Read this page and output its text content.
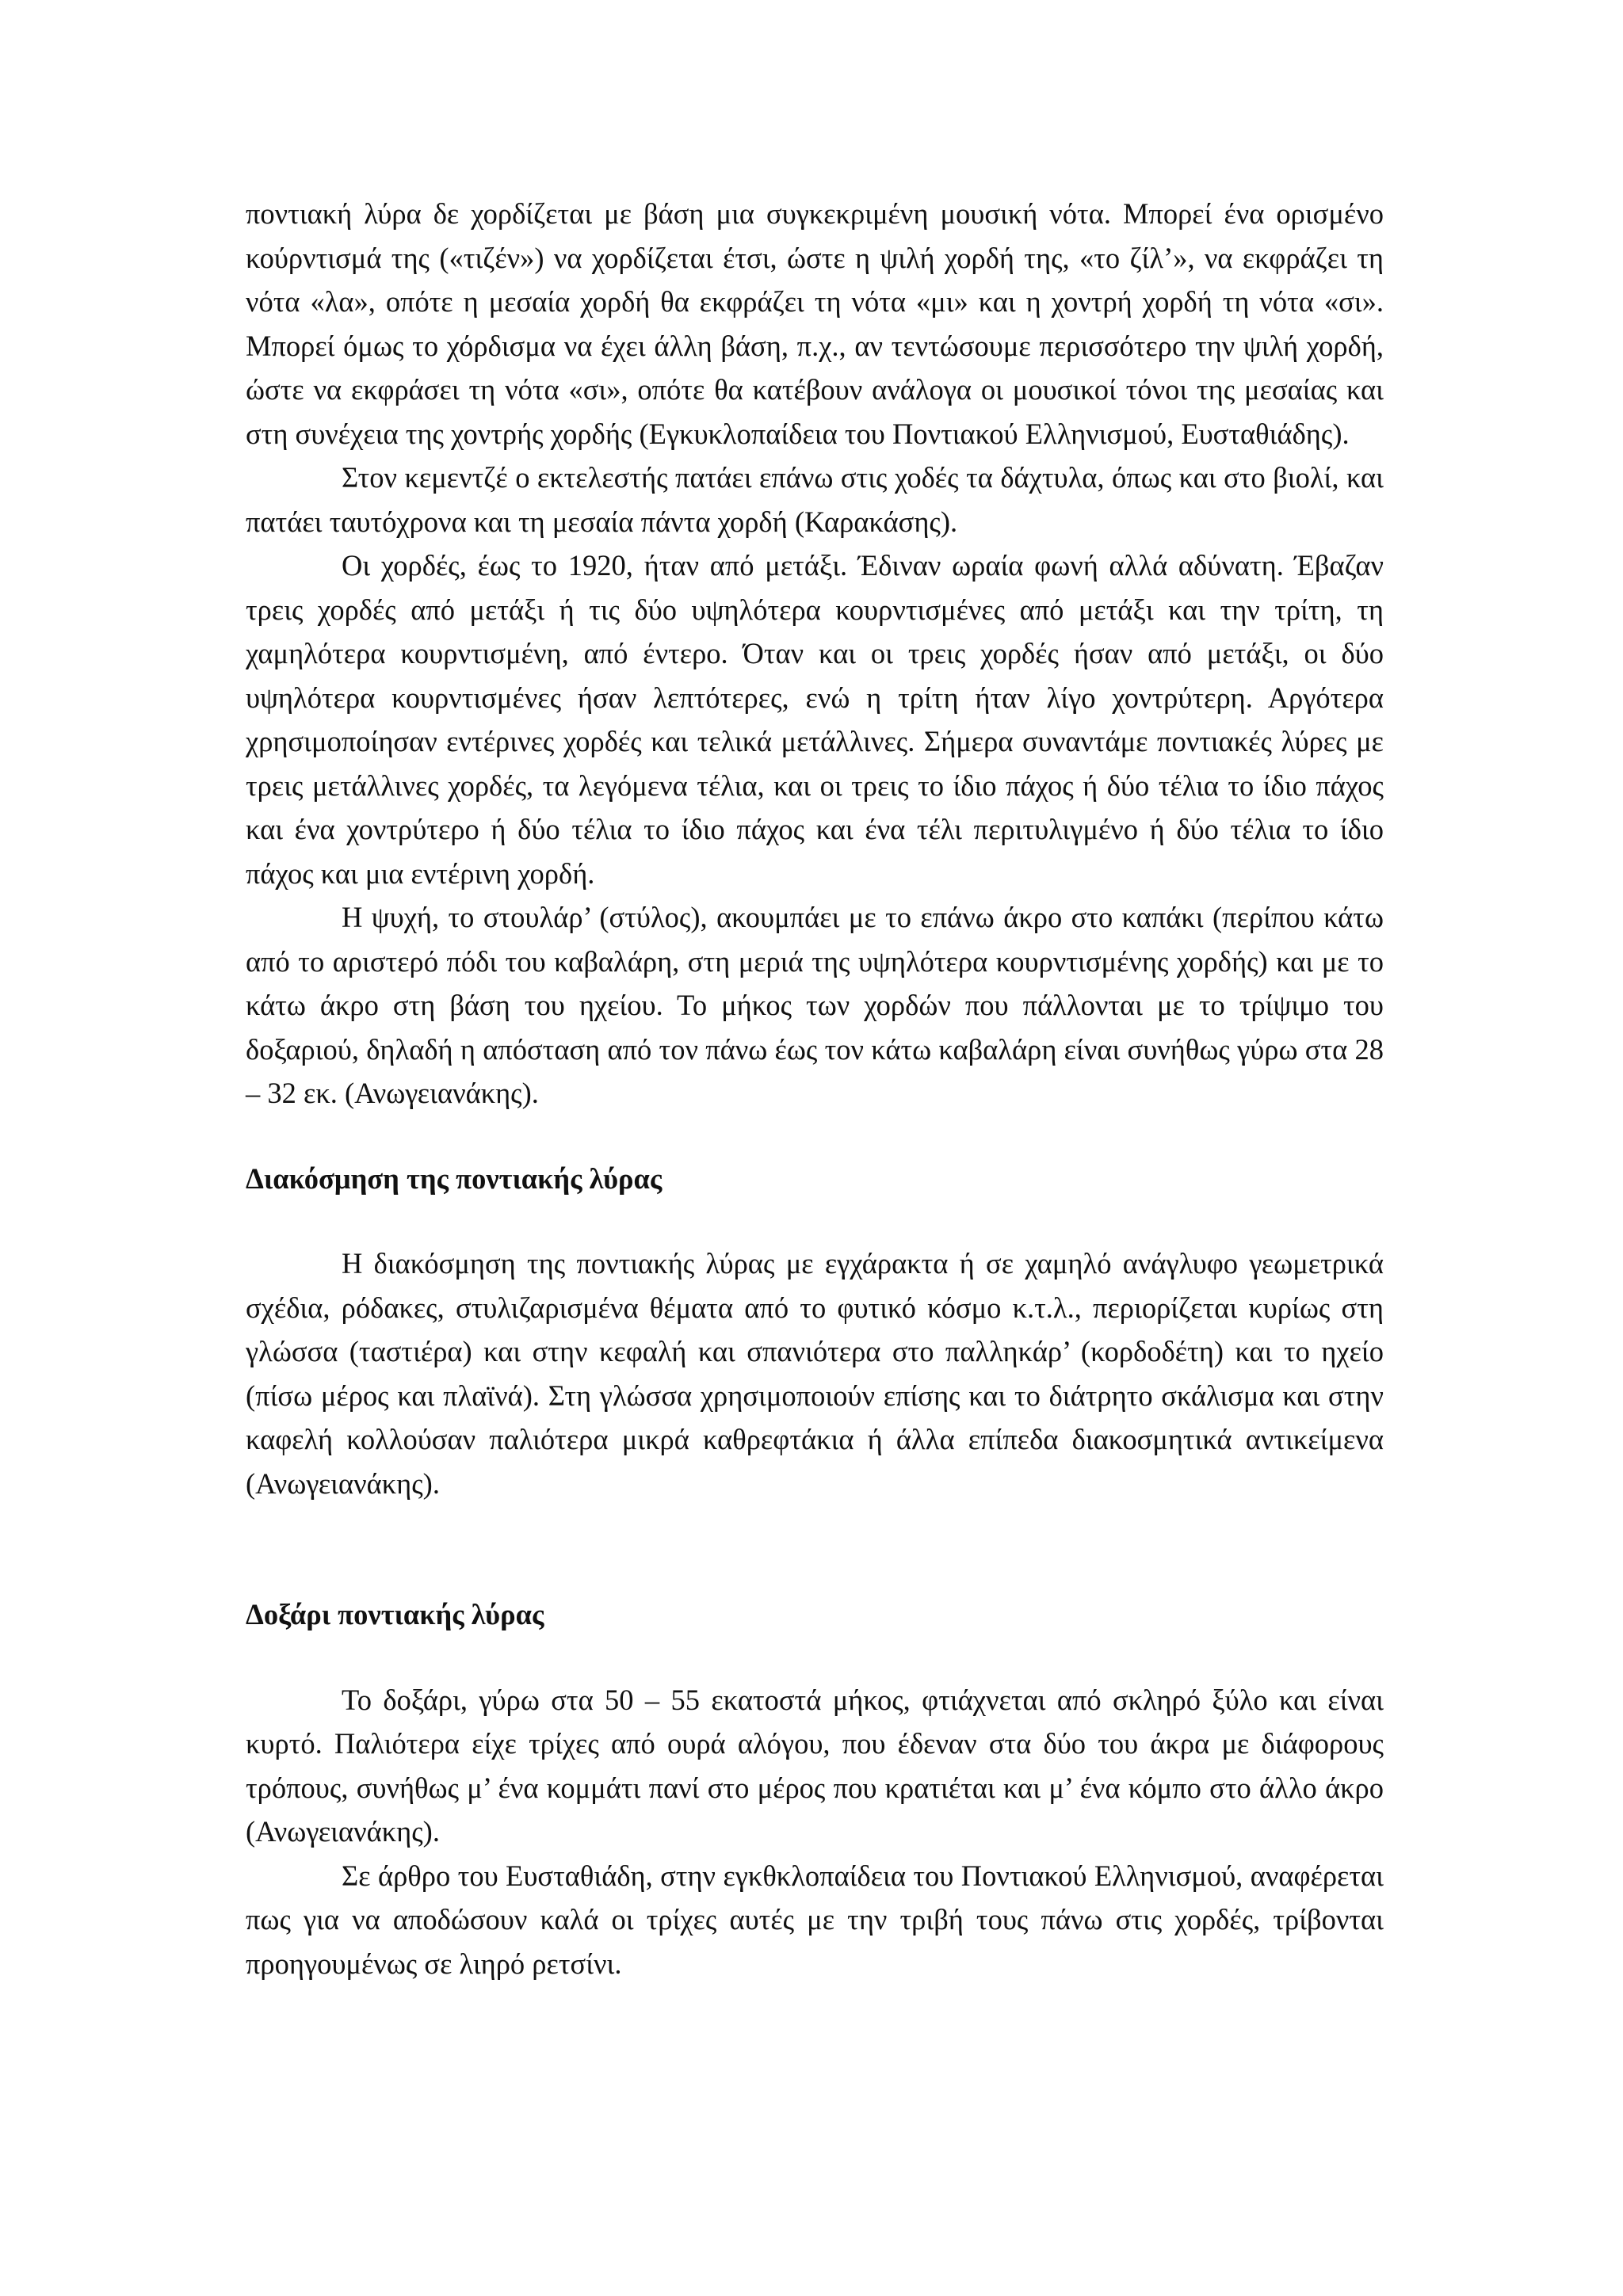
ποντιακή λύρα δε χορδίζεται με βάση μια συγκεκριμένη μουσική νότα. Μπορεί ένα ορισμένο κούρντισμά της («τιζέν») να χορδίζεται έτσι, ώστε η ψιλή χορδή της, «το ζίλ’», να εκφράζει τη νότα «λα», οπότε η μεσαία χορδή θα εκφράζει τη νότα «μι» και η χοντρή χορδή τη νότα «σι». Μπορεί όμως το χόρδισμα να έχει άλλη βάση, π.χ., αν τεντώσουμε περισσότερο την ψιλή χορδή, ώστε να εκφράσει τη νότα «σι», οπότε θα κατέβουν ανάλογα οι μουσικοί τόνοι της μεσαίας και στη συνέχεια της χοντρής χορδής (Εγκυκλοπαίδεια του Ποντιακού Ελληνισμού, Ευσταθιάδης).

Στον κεμεντζέ ο εκτελεστής πατάει επάνω στις χοδές τα δάχτυλα, όπως και στο βιολί, και πατάει ταυτόχρονα και τη μεσαία πάντα χορδή (Καρακάσης).

Οι χορδές, έως το 1920, ήταν από μετάξι. Έδιναν ωραία φωνή αλλά αδύνατη. Έβαζαν τρεις χορδές από μετάξι ή τις δύο υψηλότερα κουρντισμένες από μετάξι και την τρίτη, τη χαμηλότερα κουρντισμένη, από έντερο. Όταν και οι τρεις χορδές ήσαν από μετάξι, οι δύο υψηλότερα κουρντισμένες ήσαν λεπτότερες, ενώ η τρίτη ήταν λίγο χοντρύτερη. Αργότερα χρησιμοποίησαν εντέρινες χορδές και τελικά μετάλλινες. Σήμερα συναντάμε ποντιακές λύρες με τρεις μετάλλινες χορδές, τα λεγόμενα τέλια, και οι τρεις το ίδιο πάχος ή δύο τέλια το ίδιο πάχος και ένα χοντρύτερο ή δύο τέλια το ίδιο πάχος και ένα τέλι περιτυλιγμένο ή δύο τέλια το ίδιο πάχος και μια εντέρινη χορδή.

Η ψυχή, το στουλάρ’ (στύλος), ακουμπάει με το επάνω άκρο στο καπάκι (περίπου κάτω από το αριστερό πόδι του καβαλάρη, στη μεριά της υψηλότερα κουρντισμένης χορδής) και με το κάτω άκρο στη βάση του ηχείου. Το μήκος των χορδών που πάλλονται με το τρίψιμο του δοξαριού, δηλαδή η απόσταση από τον πάνω έως τον κάτω καβαλάρη είναι συνήθως γύρω στα 28 – 32 εκ. (Ανωγειανάκης).

Διακόσμηση της ποντιακής λύρας

Η διακόσμηση της ποντιακής λύρας με εγχάρακτα ή σε χαμηλό ανάγλυφο γεωμετρικά σχέδια, ρόδακες, στυλιζαρισμένα θέματα από το φυτικό κόσμο κ.τ.λ., περιορίζεται κυρίως στη γλώσσα (ταστιέρα) και στην κεφαλή και σπανιότερα στο παλληκάρ’ (κορδοδέτη) και το ηχείο (πίσω μέρος και πλαϊνά). Στη γλώσσα χρησιμοποιούν επίσης και το διάτρητο σκάλισμα και στην καφελή κολλούσαν παλιότερα μικρά καθρεφτάκια ή άλλα επίπεδα διακοσμητικά αντικείμενα (Ανωγειανάκης).

Δοξάρι ποντιακής λύρας

Το δοξάρι, γύρω στα 50 – 55 εκατοστά μήκος, φτιάχνεται από σκληρό ξύλο και είναι κυρτό. Παλιότερα είχε τρίχες από ουρά αλόγου, που έδεναν στα δύο του άκρα με διάφορους τρόπους, συνήθως μ’ ένα κομμάτι πανί στο μέρος που κρατιέται και μ’ ένα κόμπο στο άλλο άκρο (Ανωγειανάκης).

Σε άρθρο του Ευσταθιάδη, στην εγκθκλοπαίδεια του Ποντιακού Ελληνισμού, αναφέρεται πως για να αποδώσουν καλά οι τρίχες αυτές με την τριβή τους πάνω στις χορδές, τρίβονται προηγουμένως σε λιηρό ρετσίνι.
